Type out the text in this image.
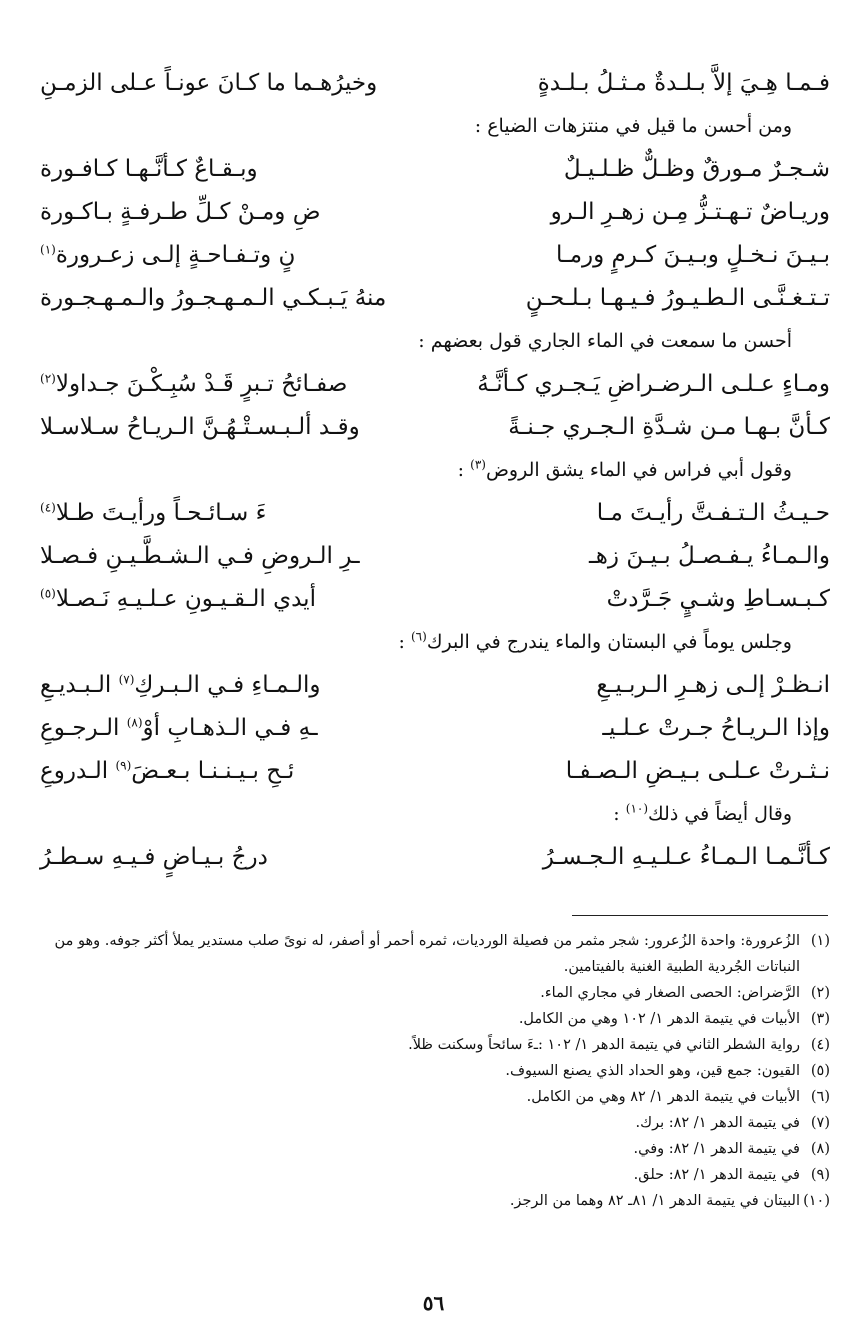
فـمـا هِـيَ إلاَّ بـلـدةٌ مـثـلُ بـلـدةٍ
وخيرُهـما ما كـانَ عونـاً عـلى الزمـنِ
ومن أحسن ما قيل في منتزهات الضياع :
شـجـرٌ مـورقٌ وظـلٌّ ظـلـيـلٌ
وبـقـاعٌ كـأنَّـهـا كـافـورة
وريـاضٌ تـهـتـزُّ مِـن زهـرِ الـرو
ضِ ومـنْ كـلِّ طـرفـةٍ بـاكـورة
بـيـنَ نـخـلٍ وبـيـنَ كـرمٍ ورمـا
نٍ وتـفـاحـةٍ إلـى زعـرورة$^{(١)}$
تـتـغـنَّـى الـطـيـورُ فـيـهـا بـلـحـنٍ
منهُ يَـبـكـي الـمـهـجـورُ والـمـهـجـورة
أحسن ما سمعت في الماء الجاري قول بعضهم :
ومـاءٍ عـلـى الـرضـراضِ يَـجـري كـأنَّـهُ
صفـائحُ تـبرٍ قَـدْ سُبِـكْـنَ جـداولا$^{(٢)}$
كـأنَّ بـهـا مـن شـدَّةِ الـجـري جـنـةً
وقـد ألـبـسـتْـهُـنَّ الـريـاحُ سـلاسـلا
وقول أبي فراس في الماء يشق الروض$^{(٣)}$ :
حـيـثُ الـتـفـتَّ رأيـتَ مـا
ءَ سـائـحـاً ورأيـتَ طـلا$^{(٤)}$
والـمـاءُ يـفـصـلُ بـيـنَ زهـ
ـرِ الـروضِ فـي الـشـطَّـيـنِ فـصـلا
كـبـسـاطِ وشـيٍ جَـرَّدتْ
أيدي الـقـيـونِ عـلـيـهِ نَـصـلا$^{(٥)}$
وجلس يوماً في البستان والماء يندرج في البرك$^{(٦)}$ :
انـظـرْ إلـى زهـرِ الـربـيـعِ
والـمـاءِ فـي الـبـركِ$^{(٧)}$ الـبـديـعِ
وإذا الـريـاحُ جـرتْ عـلـيـ
ـهِ فـي الـذهـابِ أوْ$^{(٨)}$ الـرجـوعِ
نـثـرتْ عـلـى بـيـضِ الـصـفـا
ئـحِ بـيـنـنـا بـعـضَ$^{(٩)}$ الـدروعِ
وقال أيضاً في ذلك$^{(١٠)}$ :
كـأنَّـمـا الـمـاءُ عـلـيـهِ الـجـسـرُ
درجُ بـيـاضٍ فـيـهِ سـطـرُ
(١)
الزُعرورة: واحدة الزُعرور: شجر مثمر من فصيلة الورديات، ثمره أحمر أو أصفر، له نوىً صلب مستدير يملأ أكثر جوفه. وهو من النباتات الجُردية الطبية الغنية بالفيتامين.
(٢)
الرَّضراض: الحصى الصغار في مجاري الماء.
(٣)
الأبيات في يتيمة الدهر ١/ ١٠٢ وهي من الكامل.
(٤)
رواية الشطر الثاني في يتيمة الدهر ١/ ١٠٢ :ـءَ سائحاً وسكنت ظلاً.
(٥)
القيون: جمع قين، وهو الحداد الذي يصنع السيوف.
(٦)
الأبيات في يتيمة الدهر ١/ ٨٢ وهي من الكامل.
(٧)
في يتيمة الدهر ١/ ٨٢: برك.
(٨)
في يتيمة الدهر ١/ ٨٢: وفي.
(٩)
في يتيمة الدهر ١/ ٨٢: حلق.
(١٠)
البيتان في يتيمة الدهر ١/ ٨١ـ ٨٢ وهما من الرجز.
٥٦
